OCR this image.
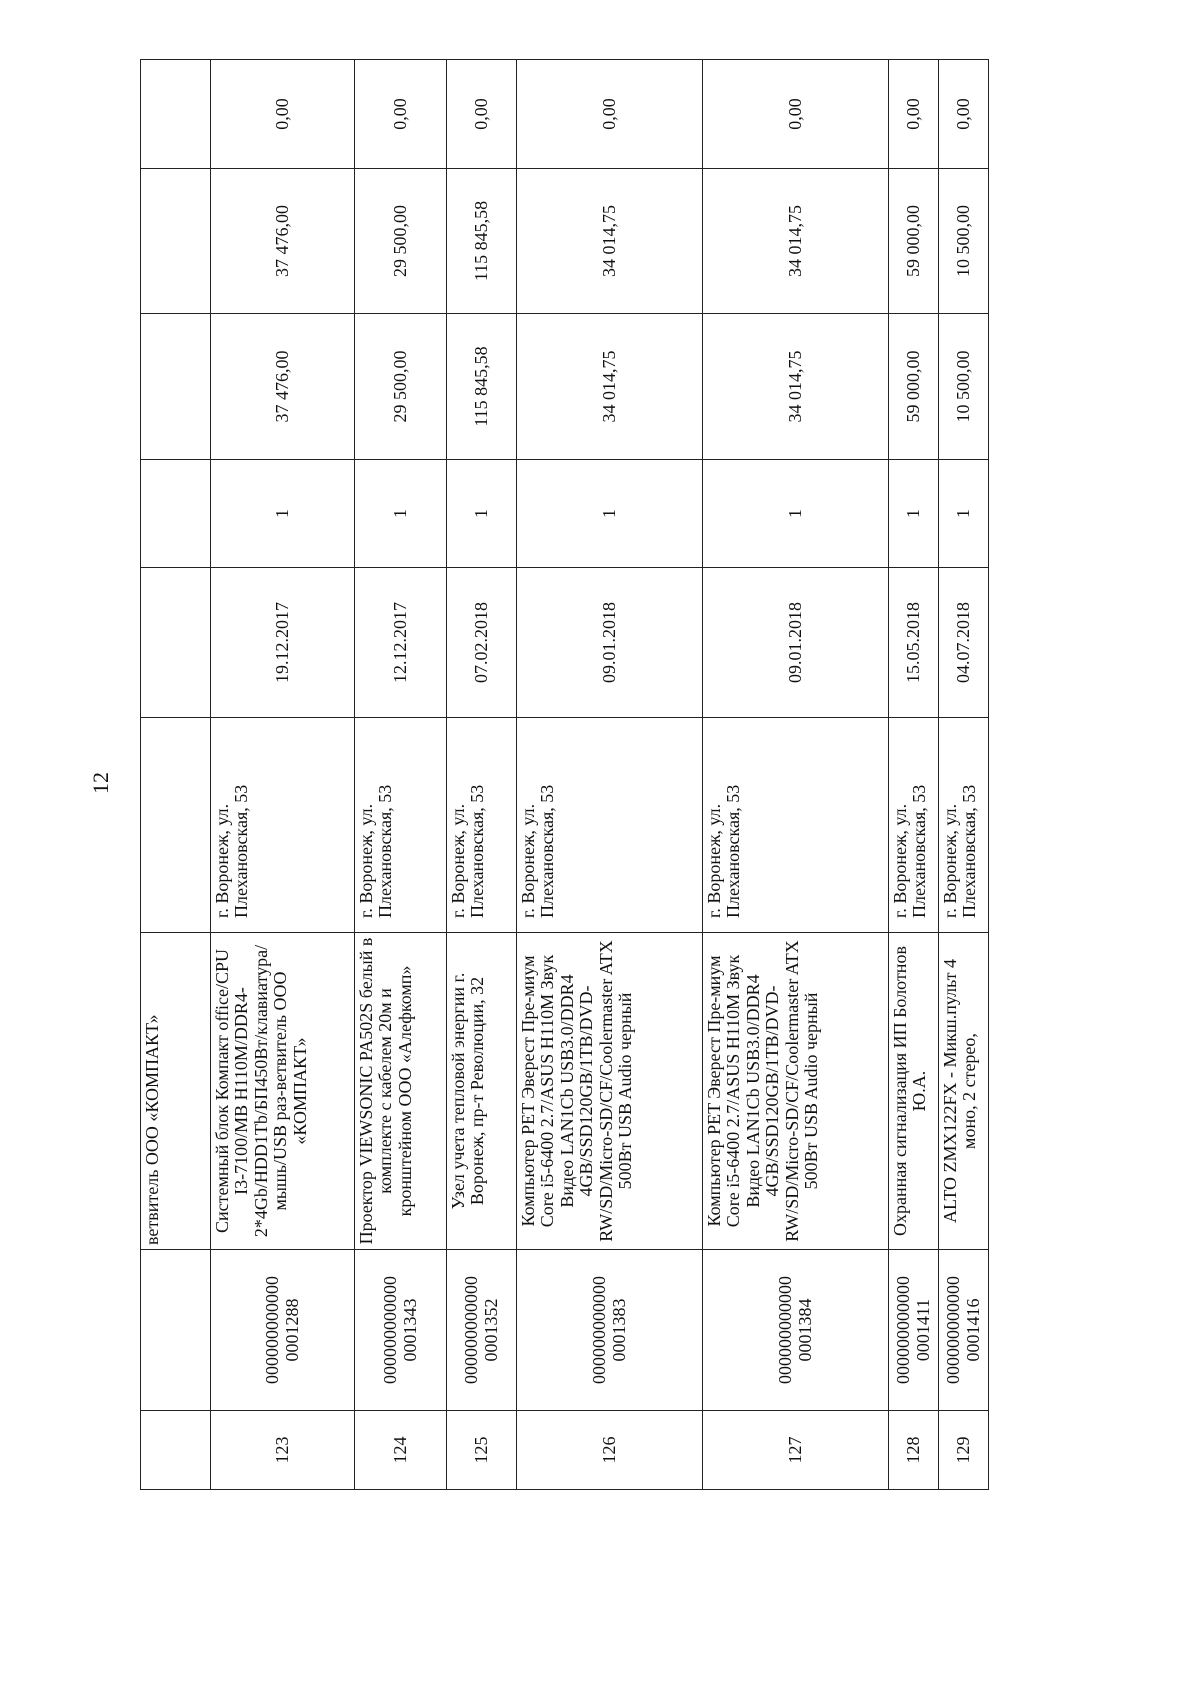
12
		ветвитель ООО «КОМПАКТ»						
123	000000000000 0001288	Системный блок Компакт office/CPU I3-7100/MB H110M/DDR4-2*4Gb/HDD1Tb/БП450Вт/клавиатура/мышь/USB раз-ветвитель ООО «КОМПАКТ»	г. Воронеж, ул. Плехановская, 53	19.12.2017	1	37 476,00	37 476,00	0,00
124	000000000000 0001343	Проектор VIEWSONIC PA502S белый в комплекте с кабелем 20м и кронштейном ООО «Алефкомп»	г. Воронеж, ул. Плехановская, 53	12.12.2017	1	29 500,00	29 500,00	0,00
125	000000000000 0001352	Узел учета тепловой энергии г. Воронеж, пр-т Революции, 32	г. Воронеж, ул. Плехановская, 53	07.02.2018	1	115 845,58	115 845,58	0,00
126	000000000000 0001383	Компьютер PET Эверест Пре-миум Core i5-6400 2.7/ASUS H110M Звук Видео LAN1Cb USB3.0/DDR4 4GB/SSD120GB/1TB/DVD-RW/SD/Micro-SD/CF/Coolermaster ATX 500Вт USB Audio черный	г. Воронеж, ул. Плехановская, 53	09.01.2018	1	34 014,75	34 014,75	0,00
127	000000000000 0001384	Компьютер PET Эверест Пре-миум Core i5-6400 2.7/ASUS H110M Звук Видео LAN1Cb USB3.0/DDR4 4GB/SSD120GB/1TB/DVD-RW/SD/Micro-SD/CF/Coolermaster ATX 500Вт USB Audio черный	г. Воронеж, ул. Плехановская, 53	09.01.2018	1	34 014,75	34 014,75	0,00
128	000000000000 0001411	Охранная сигнализация ИП Болотнов Ю.А.	г. Воронеж, ул. Плехановская, 53	15.05.2018	1	59 000,00	59 000,00	0,00
129	000000000000 0001416	ALTO ZMX122FX - Микш.пульт 4 моно, 2 стерео,	г. Воронеж, ул. Плехановская, 53	04.07.2018	1	10 500,00	10 500,00	0,00
